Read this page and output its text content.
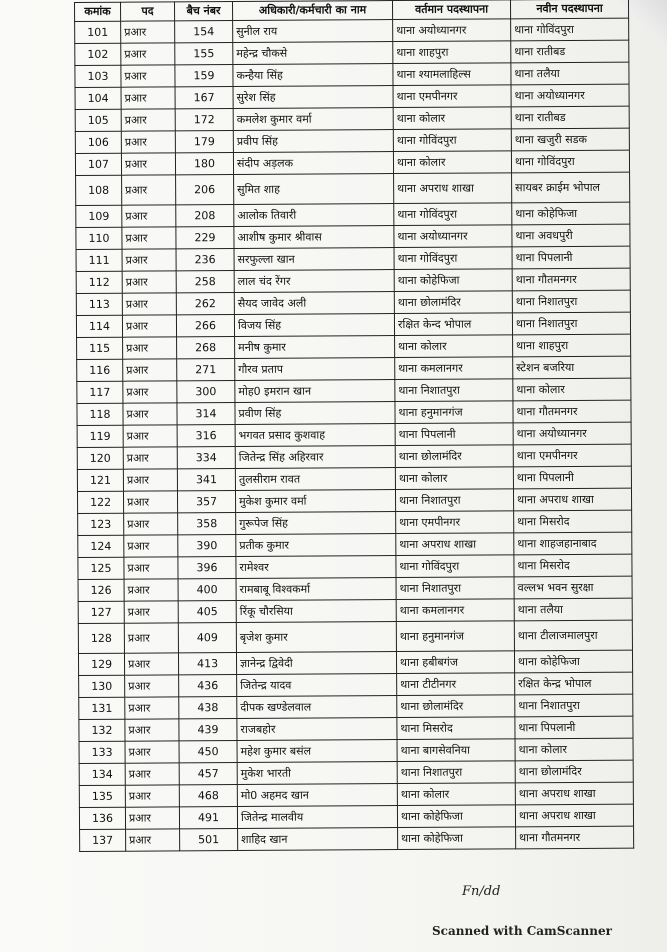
कमांक	पद	बैच नंबर	अधिकारी/कर्मचारी का नाम	वर्तमान पदस्थापना	नवीन पदस्थापना
101	प्रआर	154	सुनील राय	थाना अयोध्यानगर	थाना गोविंदपुरा
102	प्रआर	155	महेन्द्र चौकसे	थाना शाहपुरा	थाना रातीबड
103	प्रआर	159	कन्हैया सिंह	थाना श्यामलाहिल्स	थाना तलैया
104	प्रआर	167	सुरेश सिंह	थाना एमपीनगर	थाना अयोध्यानगर
105	प्रआर	172	कमलेश कुमार वर्मा	थाना कोलार	थाना रातीबड
106	प्रआर	179	प्रवीप सिंह	थाना गोविंदपुरा	थाना खजुरी सडक
107	प्रआर	180	संदीप अड़लक	थाना कोलार	थाना गोविंदपुरा
108	प्रआर	206	सुमित शाह	थाना अपराध शाखा	सायबर क्राईम भोपाल
109	प्रआर	208	आलोक तिवारी	थाना गोविंदपुरा	थाना कोहेफिजा
110	प्रआर	229	आशीष कुमार श्रीवास	थाना अयोध्यानगर	थाना अवधपुरी
111	प्रआर	236	सरफुल्ला खान	थाना गोविंदपुरा	थाना पिपलानी
112	प्रआर	258	लाल चंद रेंगर	थाना कोहेफिजा	थाना गौतमनगर
113	प्रआर	262	सैयद जावेद अली	थाना छोलामंदिर	थाना निशातपुरा
114	प्रआर	266	विजय सिंह	रक्षित केन्द भोपाल	थाना निशातपुरा
115	प्रआर	268	मनीष कुमार	थाना कोलार	थाना शाहपुरा
116	प्रआर	271	गौरव प्रताप	थाना कमलानगर	स्टेशन बजरिया
117	प्रआर	300	मोह0 इमरान खान	थाना निशातपुरा	थाना कोलार
118	प्रआर	314	प्रवीण सिंह	थाना हनुमानगंज	थाना गौतमनगर
119	प्रआर	316	भगवत प्रसाद कुशवाह	थाना पिपलानी	थाना अयोध्यानगर
120	प्रआर	334	जितेन्द्र सिंह अहिरवार	थाना छोलामंदिर	थाना एमपीनगर
121	प्रआर	341	तुलसीराम रावत	थाना कोलार	थाना पिपलानी
122	प्रआर	357	मुकेश कुमार वर्मा	थाना निशातपुरा	थाना अपराध शाखा
123	प्रआर	358	गुरूपेज सिंह	थाना एमपीनगर	थाना मिसरोद
124	प्रआर	390	प्रतीक कुमार	थाना अपराध शाखा	थाना शाहजहानाबाद
125	प्रआर	396	रामेश्वर	थाना गोविंदपुरा	थाना मिसरोद
126	प्रआर	400	रामबाबू विश्वकर्मा	थाना निशातपुरा	वल्लभ भवन सुरक्षा
127	प्रआर	405	रिंकू चौरसिया	थाना कमलानगर	थाना तलैया
128	प्रआर	409	बृजेश कुमार	थाना हनुमानगंज	थाना टीलाजमालपुरा
129	प्रआर	413	ज्ञानेन्द्र द्विवेदी	थाना हबीबगंज	थाना कोहेफिजा
130	प्रआर	436	जितेन्द्र यादव	थाना टीटीनगर	रक्षित केन्द्र भोपाल
131	प्रआर	438	दीपक खण्डेलवाल	थाना छोलामंदिर	थाना निशातपुरा
132	प्रआर	439	राजबहोर	थाना मिसरोद	थाना पिपलानी
133	प्रआर	450	महेश कुमार बसंल	थाना बागसेवनिया	थाना कोलार
134	प्रआर	457	मुकेश भारती	थाना निशातपुरा	थाना छोलामंदिर
135	प्रआर	468	मो0 अहमद खान	थाना कोलार	थाना अपराध शाखा
136	प्रआर	491	जितेन्द्र मालवीय	थाना कोहेफिजा	थाना अपराध शाखा
137	प्रआर	501	शाहिद खान	थाना कोहेफिजा	थाना गौतमनगर
Fn∕dd
Scanned with CamScanner
